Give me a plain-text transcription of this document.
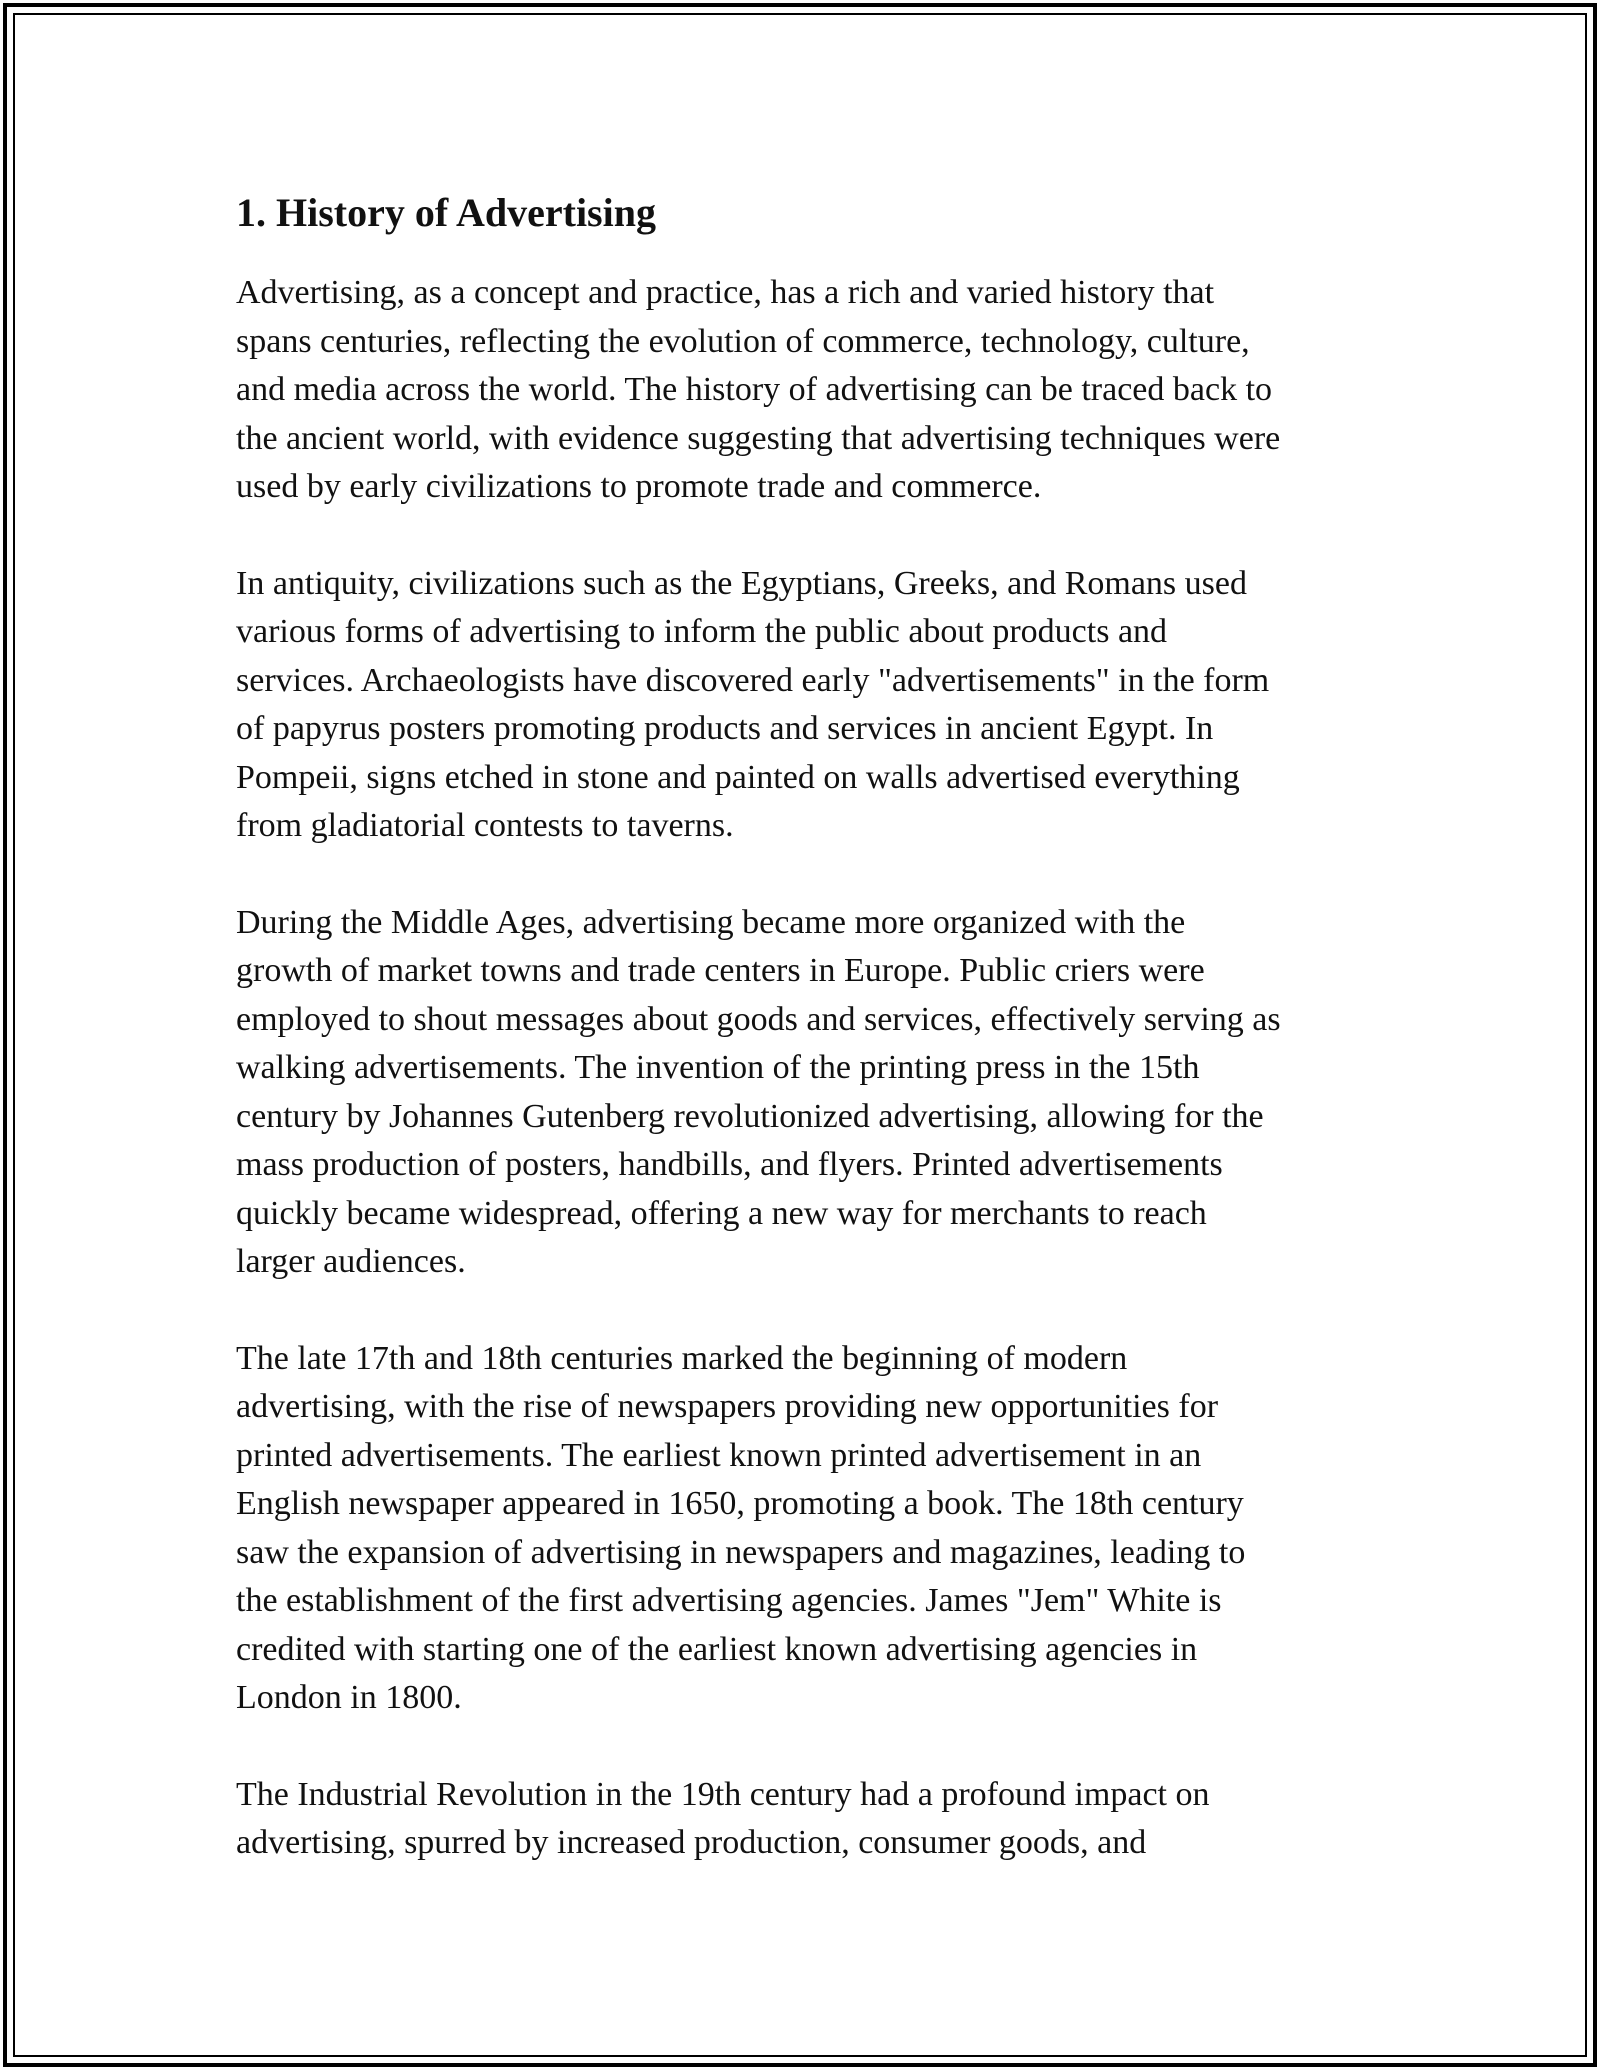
1. History of Advertising

Advertising, as a concept and practice, has a rich and varied history that
spans centuries, reflecting the evolution of commerce, technology, culture,
and media across the world. The history of advertising can be traced back to
the ancient world, with evidence suggesting that advertising techniques were
used by early civilizations to promote trade and commerce.

In antiquity, civilizations such as the Egyptians, Greeks, and Romans used
various forms of advertising to inform the public about products and
services. Archaeologists have discovered early "advertisements" in the form
of papyrus posters promoting products and services in ancient Egypt. In
Pompeii, signs etched in stone and painted on walls advertised everything
from gladiatorial contests to taverns.

During the Middle Ages, advertising became more organized with the
growth of market towns and trade centers in Europe. Public criers were
employed to shout messages about goods and services, effectively serving as
walking advertisements. The invention of the printing press in the 15th
century by Johannes Gutenberg revolutionized advertising, allowing for the
mass production of posters, handbills, and flyers. Printed advertisements
quickly became widespread, offering a new way for merchants to reach
larger audiences.

The late 17th and 18th centuries marked the beginning of modern
advertising, with the rise of newspapers providing new opportunities for
printed advertisements. The earliest known printed advertisement in an
English newspaper appeared in 1650, promoting a book. The 18th century
saw the expansion of advertising in newspapers and magazines, leading to
the establishment of the first advertising agencies. James "Jem" White is
credited with starting one of the earliest known advertising agencies in
London in 1800.

The Industrial Revolution in the 19th century had a profound impact on
advertising, spurred by increased production, consumer goods, and
